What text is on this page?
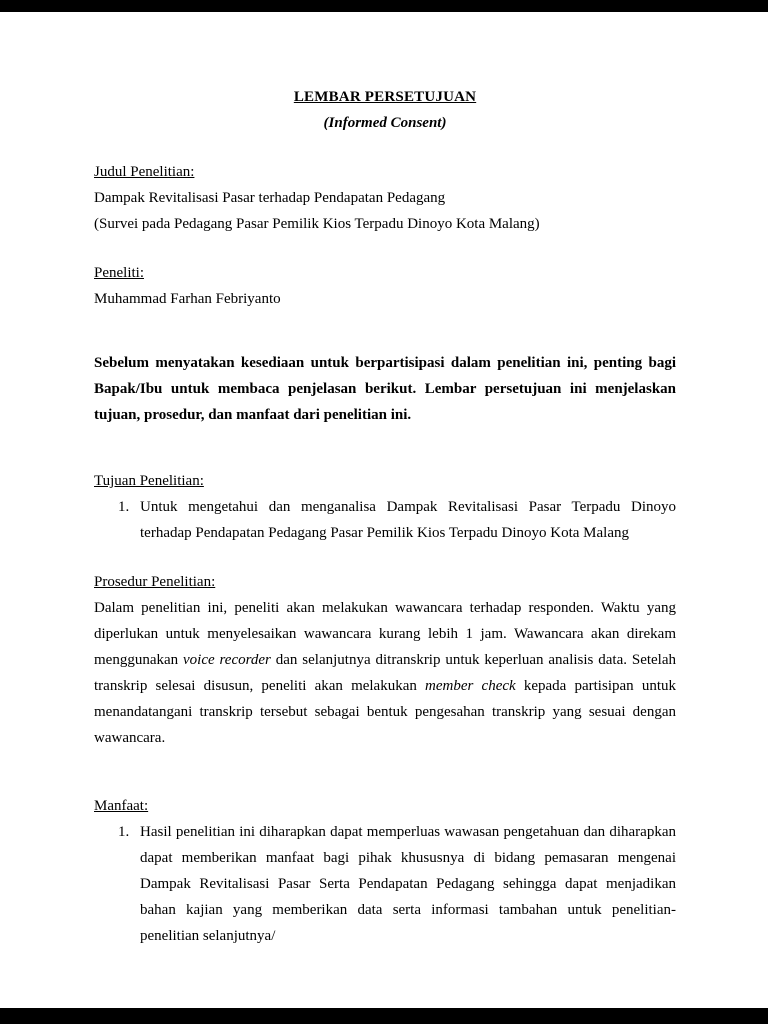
LEMBAR PERSETUJUAN
(Informed Consent)
Judul Penelitian:
Dampak Revitalisasi Pasar terhadap Pendapatan Pedagang
(Survei pada Pedagang Pasar Pemilik Kios Terpadu Dinoyo Kota Malang)
Peneliti:
Muhammad Farhan Febriyanto

Sebelum menyatakan kesediaan untuk berpartisipasi dalam penelitian ini, penting bagi Bapak/Ibu untuk membaca penjelasan berikut. Lembar persetujuan ini menjelaskan tujuan, prosedur, dan manfaat dari penelitian ini.

Tujuan Penelitian:
1. Untuk mengetahui dan menganalisa Dampak Revitalisasi Pasar Terpadu Dinoyo terhadap Pendapatan Pedagang Pasar Pemilik Kios Terpadu Dinoyo Kota Malang
Prosedur Penelitian:

Dalam penelitian ini, peneliti akan melakukan wawancara terhadap responden. Waktu yang diperlukan untuk menyelesaikan wawancara kurang lebih 1 jam. Wawancara akan direkam menggunakan voice recorder dan selanjutnya ditranskrip untuk keperluan analisis data. Setelah transkrip selesai disusun, peneliti akan melakukan member check kepada partisipan untuk menandatangani transkrip tersebut sebagai bentuk pengesahan transkrip yang sesuai dengan wawancara.

Manfaat:
1. Hasil penelitian ini diharapkan dapat memperluas wawasan pengetahuan dan diharapkan dapat memberikan manfaat bagi pihak khususnya di bidang pemasaran mengenai Dampak Revitalisasi Pasar Serta Pendapatan Pedagang sehingga dapat menjadikan bahan kajian yang memberikan data serta informasi tambahan untuk penelitian-penelitian selanjutnya/
